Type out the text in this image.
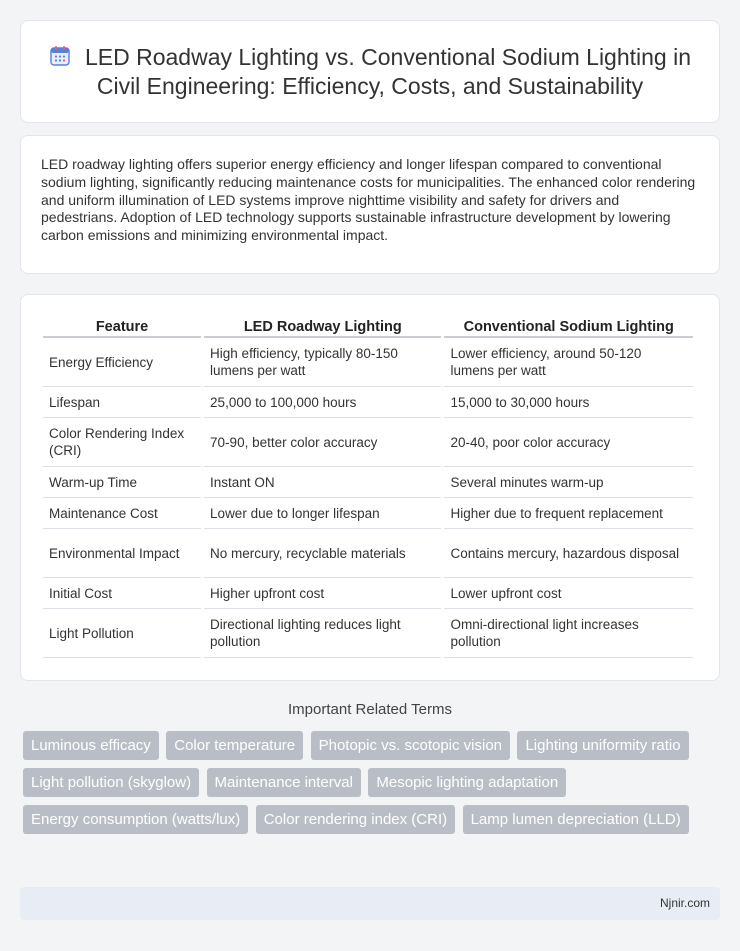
LED Roadway Lighting vs. Conventional Sodium Lighting in Civil Engineering: Efficiency, Costs, and Sustainability

LED roadway lighting offers superior energy efficiency and longer lifespan compared to conventional sodium lighting, significantly reducing maintenance costs for municipalities. The enhanced color rendering and uniform illumination of LED systems improve nighttime visibility and safety for drivers and pedestrians. Adoption of LED technology supports sustainable infrastructure development by lowering carbon emissions and minimizing environmental impact.

Feature	LED Roadway Lighting	Conventional Sodium Lighting
Energy Efficiency	High efficiency, typically 80-150 lumens per watt	Lower efficiency, around 50-120 lumens per watt
Lifespan	25,000 to 100,000 hours	15,000 to 30,000 hours
Color Rendering Index (CRI)	70-90, better color accuracy	20-40, poor color accuracy
Warm-up Time	Instant ON	Several minutes warm-up
Maintenance Cost	Lower due to longer lifespan	Higher due to frequent replacement
Environmental Impact	No mercury, recyclable materials	Contains mercury, hazardous disposal
Initial Cost	Higher upfront cost	Lower upfront cost
Light Pollution	Directional lighting reduces light pollution	Omni-directional light increases pollution
Important Related Terms
Luminous efficacy Color temperature Photopic vs. scotopic vision Lighting uniformity ratio Light pollution (skyglow) Maintenance interval Mesopic lighting adaptation Energy consumption (watts/lux) Color rendering index (CRI) Lamp lumen depreciation (LLD)
Njnir.com
